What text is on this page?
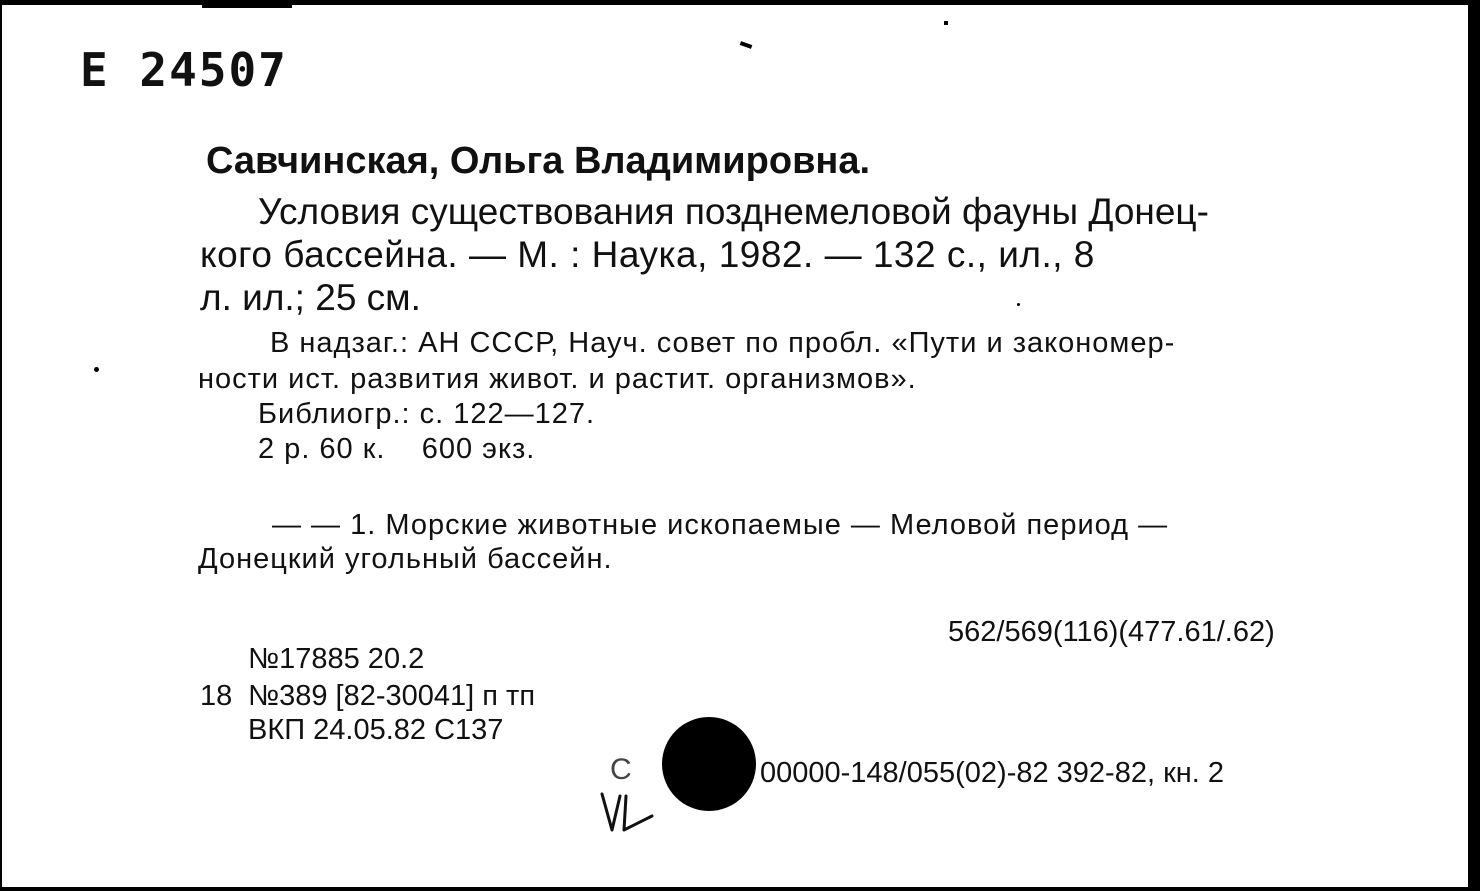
Е 24507
Савчинская, Ольга Владимировна.
Условия существования позднемеловой фауны Донец-
кого бассейна. — М. : Наука, 1982. — 132 с., ил., 8
л. ил.; 25 см.
В надзаг.: АН СССР, Науч. совет по пробл. «Пути и закономер-
ности ист. развития живот. и растит. организмов».
Библиогр.: с. 122—127.
2 р. 60 к.    600 экз.
— — 1. Морские животные ископаемые — Меловой период —
Донецкий угольный бассейн.
562/569(116)(477.61/.62)
№17885 20.2
18 №389 [82-30041] п тп
ВКП 24.05.82 С137
С	00000-148/055(02)-82 392-82, кн. 2
